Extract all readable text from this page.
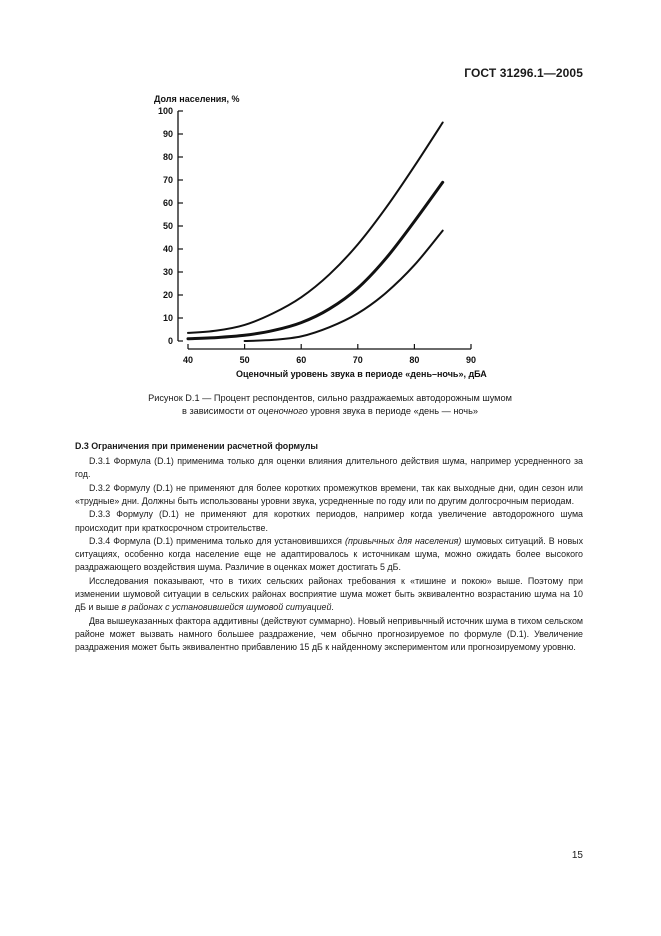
ГОСТ 31296.1—2005
0
10
20
30
40
50
60
70
80
90
100
40	50	60	70	80	90
Доля населения, %
Оценочный уровень звука в периоде «день–ночь», дБА
Рисунок D.1 — Процент респондентов, сильно раздражаемых автодорожным шумом
в зависимости от оценочного уровня звука в периоде «день — ночь»

D.3 Ограничения при применении расчетной формулы

D.3.1 Формула (D.1) применима только для оценки влияния длительного действия шума, например усредненного за год.

D.3.2 Формулу (D.1) не применяют для более коротких промежутков времени, так как выходные дни, один сезон или «трудные» дни. Должны быть использованы уровни звука, усредненные по году или по другим долгосрочным периодам.

D.3.3 Формулу (D.1) не применяют для коротких периодов, например когда увеличение автодорожного шума происходит при краткосрочном строительстве.

D.3.4 Формула (D.1) применима только для установившихся (привычных для населения) шумовых ситуаций. В новых ситуациях, особенно когда население еще не адаптировалось к источникам шума, можно ожидать более высокого раздражающего воздействия шума. Различие в оценках может достигать 5 дБ.

Исследования показывают, что в тихих сельских районах требования к «тишине и покою» выше. Поэтому при изменении шумовой ситуации в сельских районах восприятие шума может быть эквивалентно возрастанию шума на 10 дБ и выше в районах с установившейся шумовой ситуацией.

Два вышеуказанных фактора аддитивны (действуют суммарно). Новый непривычный источник шума в тихом сельском районе может вызвать намного большее раздражение, чем обычно прогнозируемое по формуле (D.1). Увеличение раздражения может быть эквивалентно прибавлению 15 дБ к найденному экспериментом или прогнозируемому уровню.

15
